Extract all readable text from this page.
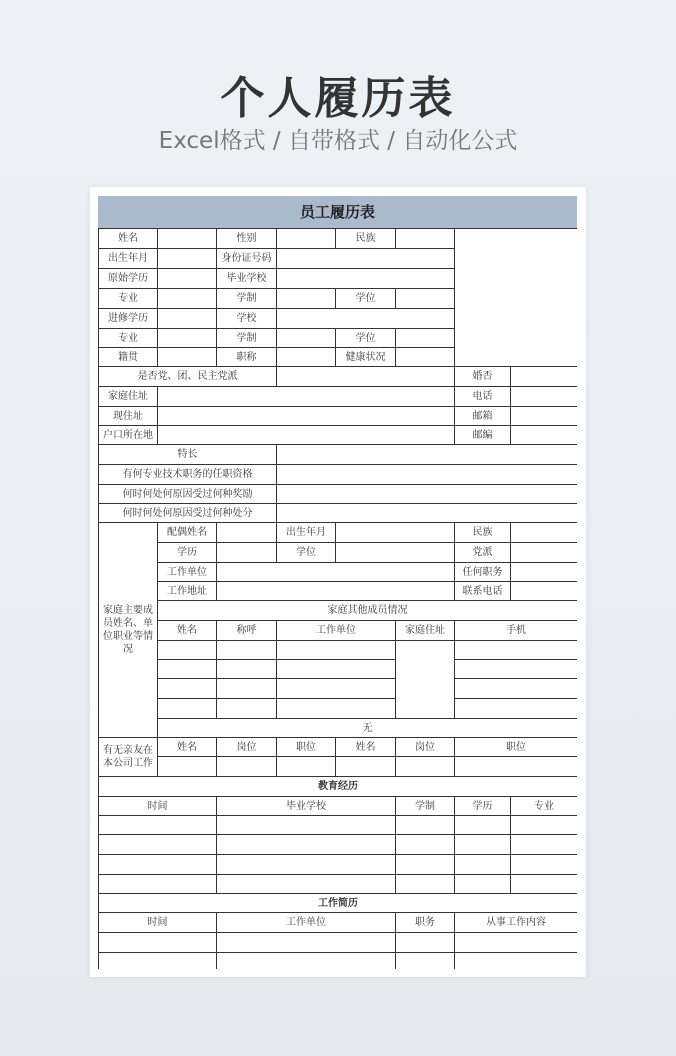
个人履历表
Excel格式 / 自带格式 / 自动化公式
员工履历表
姓名	性别	民族
出生年月	身份证号码
原始学历	毕业学校
专业	学制	学位
进修学历	学校
专业	学制	学位
籍贯	职称	健康状况
是否党、团、民主党派	婚否
家庭住址	电话
现住址	邮箱
户口所在地	邮编
特长
有何专业技术职务的任职资格
何时何处何原因受过何种奖励
何时何处何原因受过何种处分
家庭主要成员姓名、单位职业等情况
配偶姓名	出生年月	民族
学历	学位	党派
工作单位	任何职务
工作地址	联系电话
家庭其他成员情况
姓名	称呼	工作单位	家庭住址	手机
无
有无亲友在本公司工作
姓名	岗位	职位	姓名	岗位	职位
教育经历
时间	毕业学校	学制	学历	专业
工作简历
时间	工作单位	职务	从事工作内容
